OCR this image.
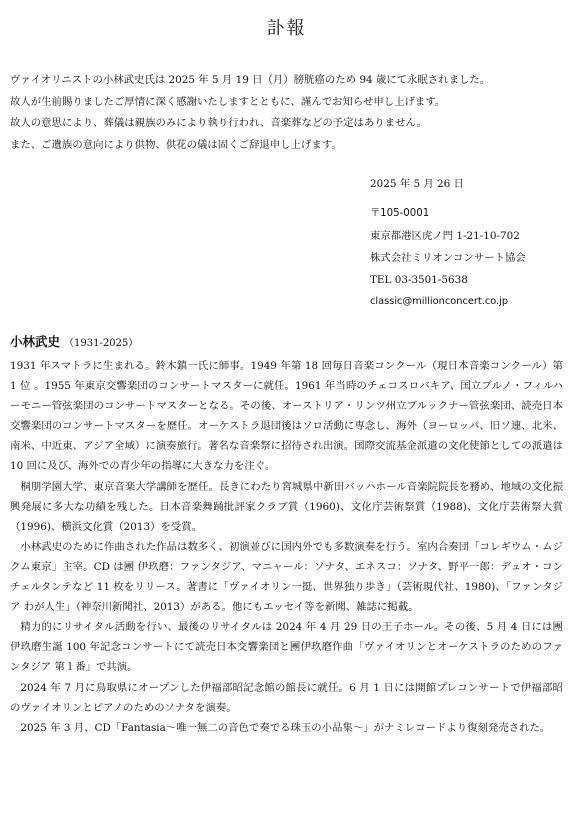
訃報

ヴァイオリニストの小林武史氏は 2025 年 5 月 19 日（月）膀胱癌のため 94 歳にて永眠されました。

故人が生前賜りましたご厚情に深く感謝いたしますとともに、謹んでお知らせ申し上げます。

故人の意思により、葬儀は親族のみにより執り行われ、音楽葬などの予定はありません。

また、ご遺族の意向により供物、供花の儀は固くご辞退申し上げます。

2025 年 5 月 26 日
〒105-0001
東京都港区虎ノ門 1-21-10-702
株式会社ミリオンコンサート協会
TEL 03-3501-5638
classic@millionconcert.co.jp
小林武史 （1931-2025）

1931 年スマトラに生まれる。鈴木鎮一氏に師事。1949 年第 18 回毎日音楽コンクール（現日本音楽コンクール）第 1 位 。1955 年東京交響楽団のコンサートマスターに就任。1961 年当時のチェコスロバキア、国立ブルノ・フィルハーモニー管弦楽団のコンサートマスターとなる。その後、オーストリア・リンツ州立ブルックナー管弦楽団、読売日本交響楽団のコンサートマスターを歴任。オーケストラ退団後はソロ活動に専念し、海外（ヨーロッパ、旧ソ連、北米、南米、中近東、アジア全域）に演奏旅行。著名な音楽祭に招待され出演。国際交流基金派遣の文化使節としての派遣は 10 回に及び、海外での青少年の指導に大きな力を注ぐ。

桐朋学園大学、東京音楽大学講師を歴任。長きにわたり宮城県中新田バッハホール音楽院院長を務め、地域の文化振興発展に多大な功績を残した。日本音楽舞踊批評家クラブ賞（1960)、文化庁芸術祭賞（1988)、文化庁芸術祭大賞（1996)、横浜文化賞（2013）を受賞。

小林武史のために作曲された作品は数多く、初演並びに国内外でも多数演奏を行う。室内合奏団「コレギウム・ムジクム東京」主宰。CD は團 伊玖磨：ファンタジア、マニャール：ソナタ、エネスコ：ソナタ、野平一郎：デュオ・コンチェルタンテなど 11 枚をリリース。著書に「ヴァイオリン一挺、世界独り歩き」（芸術現代社、1980)、「ファンタジア わが人生」（神奈川新聞社、2013）がある。他にもエッセイ等を新聞、雑誌に掲載。

精力的にリサイタル活動を行い、最後のリサイタルは 2024 年 4 月 29 日の王子ホール。その後、5 月 4 日には團伊玖磨生誕 100 年記念コンサートにて読売日本交響楽団と團伊玖磨作曲「ヴァイオリンとオーケストラのためのファンタジア 第１番」で共演。

2024 年 7 月に鳥取県にオープンした伊福部昭記念館の館長に就任。6 月 1 日には開館プレコンサートで伊福部昭のヴァイオリンとピアノのためのソナタを演奏。

2025 年 3 月、CD「Fantasia～唯一無二の音色で奏でる珠玉の小品集～」がナミレコードより復刻発売された。
